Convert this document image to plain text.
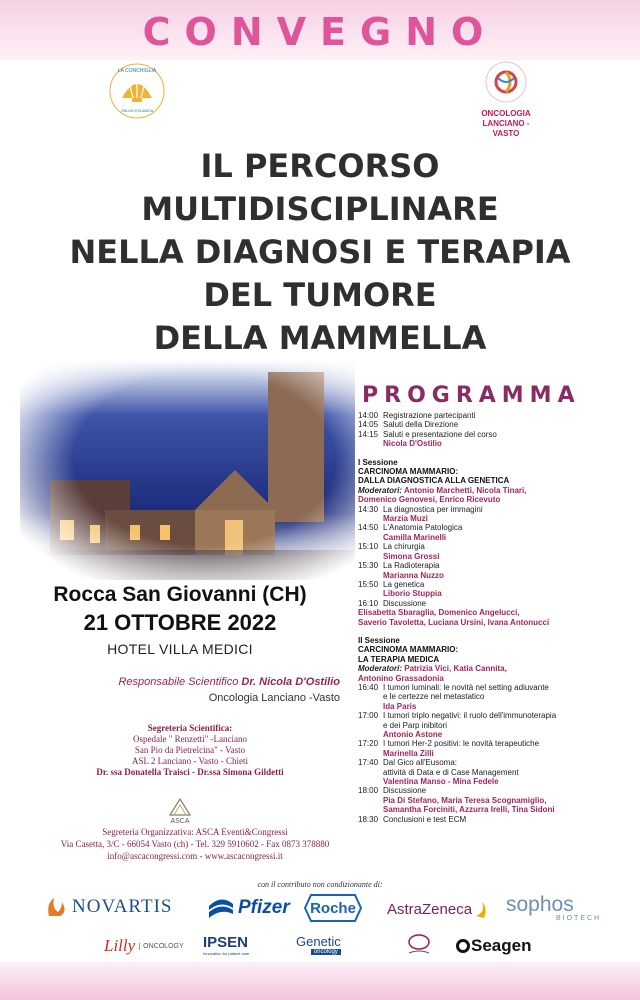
CONVEGNO
LA CONCHIGLIA
ONLUS VITA AMICA	ONCOLOGIA
LANCIANO - VASTO
IL PERCORSO
MULTIDISCIPLINARE
NELLA DIAGNOSI E TERAPIA
DEL TUMORE
DELLA MAMMELLA
Rocca San Giovanni (CH)
21 OTTOBRE 2022
HOTEL VILLA MEDICI
Responsabile Scientifico Dr. Nicola D'Ostilio
Oncologia Lanciano -Vasto
Segreteria Scientifica:
Ospedale " Renzetti" -Lanciano
San Pio da Pietrelcina" - Vasto
ASL 2 Lanciano - Vasto - Chieti
Dr. ssa Donatella Traisci - Dr.ssa Simona Gildetti
ASCA
Segreteria Organizzativa: ASCA Eventi&Congressi
Via Casetta, 3/C - 66054 Vasto (ch) - Tel. 329 5910602 - Fax 0873 378880
info@ascacongressi.com - www.ascacongressi.it
PROGRAMMA
14:00 Registrazione partecipanti
14:05 Saluti della Direzione
14:15 Saluti e presentazione del corso
Nicola D'Ostilio
I Sessione
CARCINOMA MAMMARIO:
DALLA DIAGNOSTICA ALLA GENETICA
Moderatori: Antonio Marchetti, Nicola Tinari,
Domenico Genovesi, Enrico Ricevuto
14:30 La diagnostica per immagini
Marzia Muzi
14:50 L'Anatomia Patologica
Camilla Marinelli
15:10 La chirurgia
Simona Grossi
15:30 La Radioterapia
Marianna Nuzzo
15:50 La genetica
Liborio Stuppia
16:10 Discussione
Elisabetta Sbaraglia, Domenico Angelucci,
Saverio Tavoletta, Luciana Ursini, Ivana Antonucci
II Sessione
CARCINOMA MAMMARIO:
LA TERAPIA MEDICA
Moderatori: Patrizia Vici, Katia Cannita,
Antonino Grassadonia
16:40 I tumori luminali: le novità nel setting adiuvante
e le certezze nel metastatico
Ida Paris
17:00 I tumori triplo negativi: il ruolo dell'immunoterapia
e dei Parp inibitori
Antonio Astone
17:20 I tumori Her-2 positivi: le novità terapeutiche
Marinella Zilli
17:40 Dal Gico all'Eusoma:
attività di Data e di Case Management
Valentina Manso - Mina Fedele
18:00 Discussione
Pia Di Stefano, Maria Teresa Scognamiglio,
Samantha Forciniti, Azzurra Irelli, Tina Sidoni
18:30 Conclusioni e test ECM
con il contributo non condizionante di:
NOVARTIS	Pfizer Roche AstraZeneca sophos
BIOTECH
Lilly	ONCOLOGY IPSEN
Innovation for patient care
Genetic
oncology	Seagen
